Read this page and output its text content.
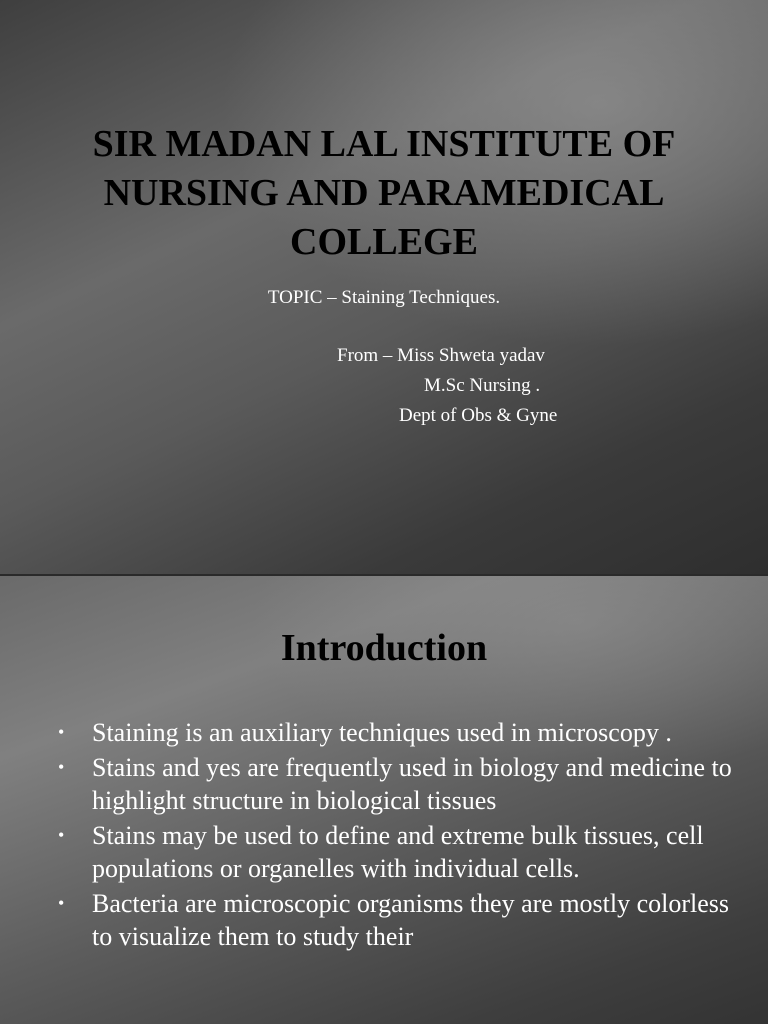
SIR MADAN LAL INSTITUTE OF NURSING AND PARAMEDICAL COLLEGE
TOPIC – Staining Techniques.
From – Miss Shweta yadav
M.Sc Nursing .
Dept of Obs & Gyne
Introduction
• Staining is an auxiliary techniques used in microscopy .
• Stains and yes are frequently used in biology and medicine to highlight structure in biological tissues
• Stains may be used to define and extreme bulk tissues, cell populations or organelles with individual cells.
• Bacteria are microscopic organisms they are mostly colorless to visualize them to study their
